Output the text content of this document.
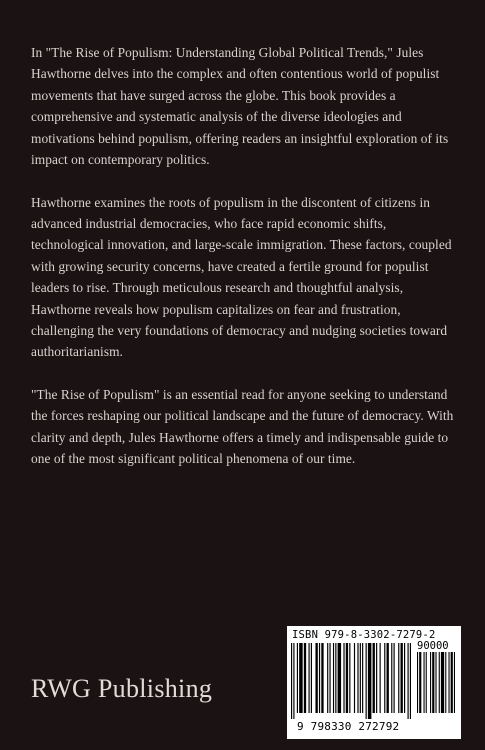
In "The Rise of Populism: Understanding Global Political Trends," Jules Hawthorne delves into the complex and often contentious world of populist movements that have surged across the globe. This book provides a comprehensive and systematic analysis of the diverse ideologies and motivations behind populism, offering readers an insightful exploration of its impact on contemporary politics.

Hawthorne examines the roots of populism in the discontent of citizens in advanced industrial democracies, who face rapid economic shifts, technological innovation, and large-scale immigration. These factors, coupled with growing security concerns, have created a fertile ground for populist leaders to rise. Through meticulous research and thoughtful analysis, Hawthorne reveals how populism capitalizes on fear and frustration, challenging the very foundations of democracy and nudging societies toward authoritarianism.

"The Rise of Populism" is an essential read for anyone seeking to understand the forces reshaping our political landscape and the future of democracy. With clarity and depth, Jules Hawthorne offers a timely and indispensable guide to one of the most significant political phenomena of our time.

RWG Publishing
ISBN 979-8-3302-7279-2
90000
9 798330 272792
